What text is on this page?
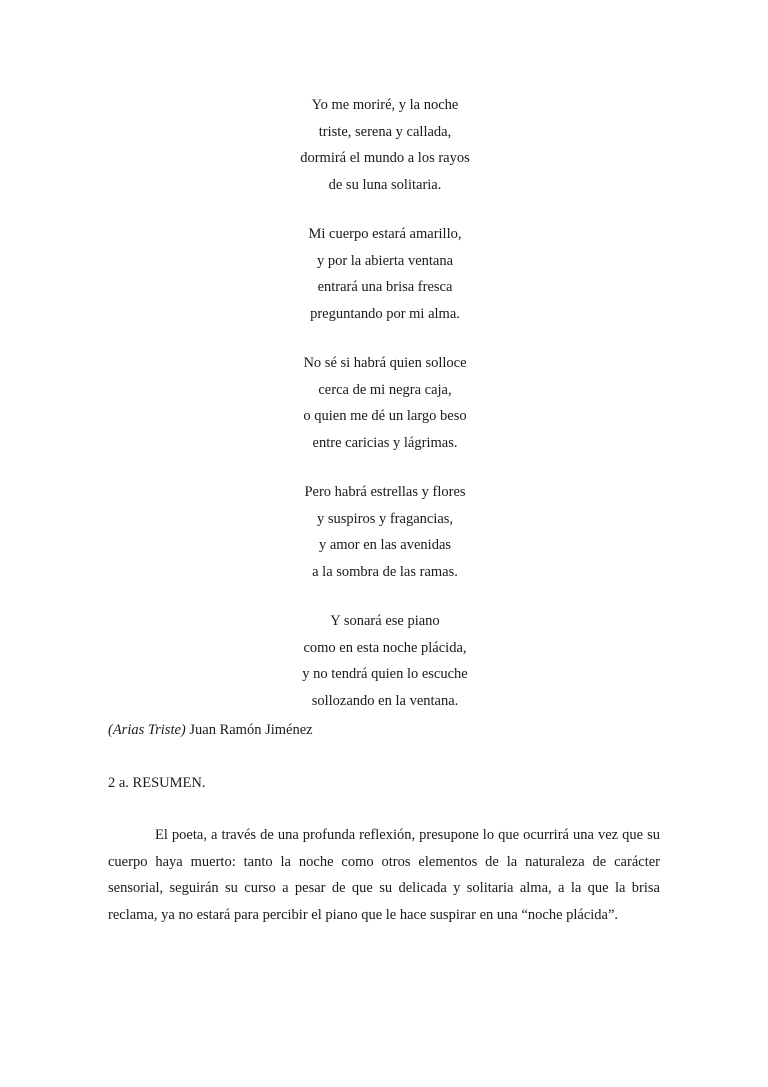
Yo me moriré, y la noche
triste, serena y callada,
dormirá el mundo a los rayos
de su luna solitaria.
Mi cuerpo estará amarillo,
y por la abierta ventana
entrará una brisa fresca
preguntando por mi alma.
No sé si habrá quien solloce
cerca de mi negra caja,
o quien me dé un largo beso
entre caricias y lágrimas.
Pero habrá estrellas y flores
y suspiros y fragancias,
y amor en las avenidas
a la sombra de las ramas.
Y sonará ese piano
como en esta noche plácida,
y no tendrá quien lo escuche
sollozando en la ventana.
(Arias Triste) Juan Ramón Jiménez
2 a. RESUMEN.

El poeta, a través de una profunda reflexión, presupone lo que ocurrirá una vez que su cuerpo haya muerto: tanto la noche como otros elementos de la naturaleza de carácter sensorial, seguirán su curso a pesar de que su delicada y solitaria alma, a la que la brisa reclama, ya no estará para percibir el piano que le hace suspirar en una “noche plácida”.
